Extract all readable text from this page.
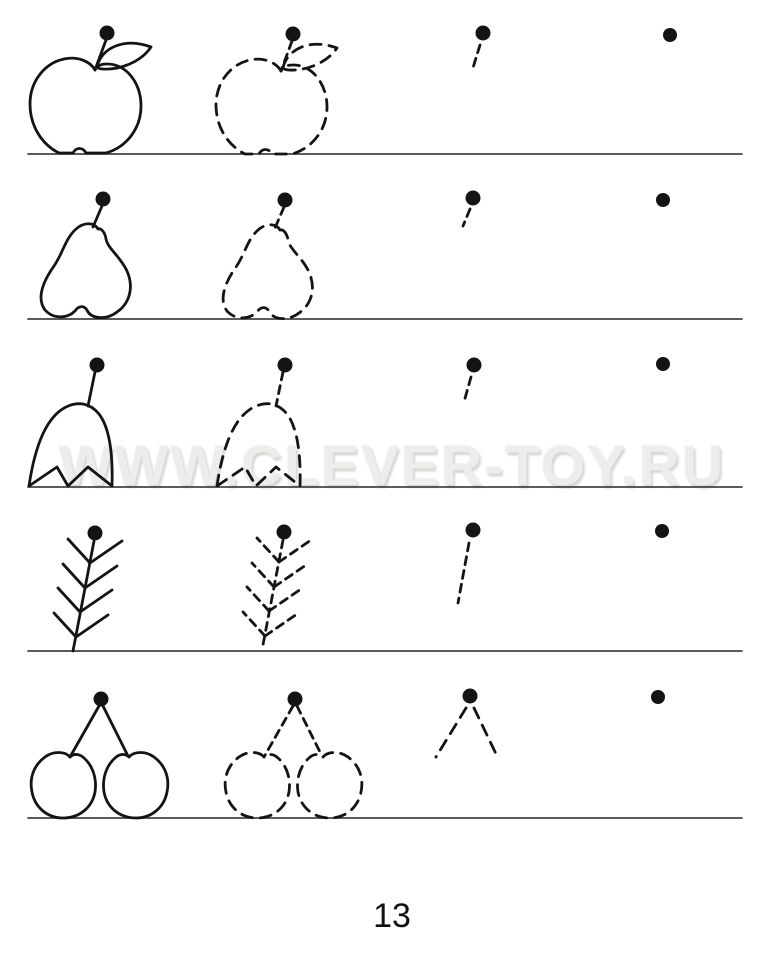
WWW.CLEVER-TOY.RU
13
